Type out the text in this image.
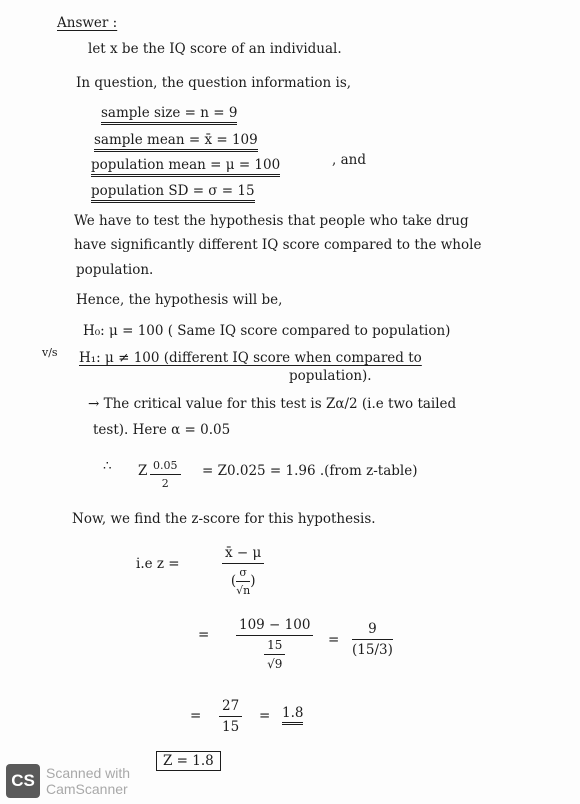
Answer :
let x be the IQ score of an individual.
In question, the question information is,
sample size = n = 9
sample mean = x̄ = 109
population mean = μ = 100	, and
population SD = σ = 15
We have to test the hypothesis that people who take drug
have significantly different IQ score compared to the whole
population.
Hence, the hypothesis will be,
H₀: μ = 100 ( Same IQ score compared to population)
v/s H₁: μ ≠ 100 (different IQ score when compared to
population).
→ The critical value for this test is Zα/2 (i.e two tailed
test). Here α = 0.05
∴ Z $\frac{0.05}{2} = Z0.025 = 1.96$ .(from z-table)
Now, we find the z-score for this hypothesis.
i.e z =	$\frac{x̄ - \mu}{( \frac{\sigma}{√n} )}$
= $\frac{109 - 100}{\frac{15}{√9}} = \frac{9}{(15/3)}$
= $\frac{27}{15} = 1.8$
Z = 1.8
CS Scanned with
CamScanner
